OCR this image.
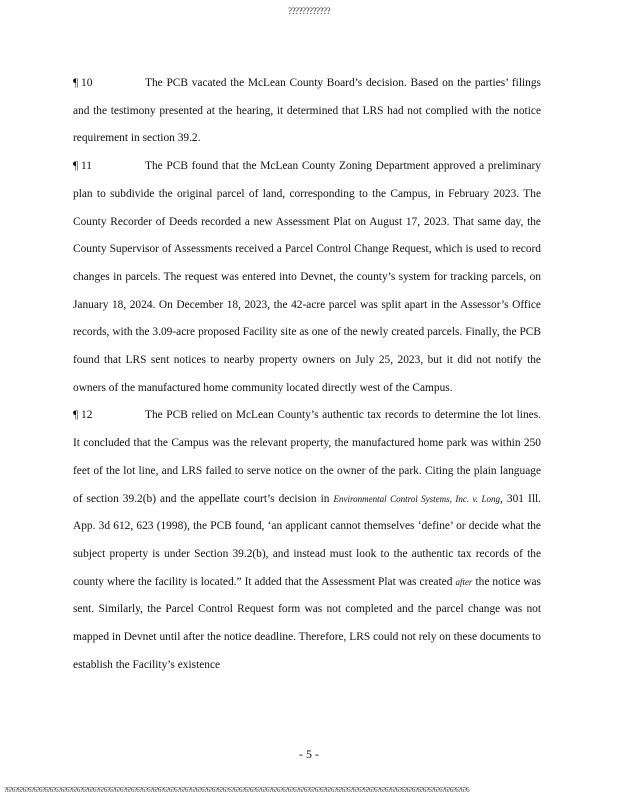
????????????

¶ 10	The PCB vacated the McLean County Board’s decision. Based on the parties’ filings and the testimony presented at the hearing, it determined that LRS had not complied with the notice requirement in section 39.2.

¶ 11	The PCB found that the McLean County Zoning Department approved a preliminary plan to subdivide the original parcel of land, corresponding to the Campus, in February 2023. The County Recorder of Deeds recorded a new Assessment Plat on August 17, 2023. That same day, the County Supervisor of Assessments received a Parcel Control Change Request, which is used to record changes in parcels. The request was entered into Devnet, the county’s system for tracking parcels, on January 18, 2024. On December 18, 2023, the 42-acre parcel was split apart in the Assessor’s Office records, with the 3.09-acre proposed Facility site as one of the newly created parcels. Finally, the PCB found that LRS sent notices to nearby property owners on July 25, 2023, but it did not notify the owners of the manufactured home community located directly west of the Campus.

¶ 12	The PCB relied on McLean County’s authentic tax records to determine the lot lines. It concluded that the Campus was the relevant property, the manufactured home park was within 250 feet of the lot line, and LRS failed to serve notice on the owner of the park. Citing the plain language of section 39.2(b) and the appellate court’s decision in Environmental Control Systems, Inc. v. Long, 301 Ill. App. 3d 612, 623 (1998), the PCB found, ‘an applicant cannot themselves ‘define’ or decide what the subject property is under Section 39.2(b), and instead must look to the authentic tax records of the county where the facility is located.” It added that the Assessment Plat was created after the notice was sent. Similarly, the Parcel Control Request form was not completed and the parcel change was not mapped in Devnet until after the notice deadline. Therefore, LRS could not rely on these documents to establish the Facility’s existence

- 5 -
?6?6?6?6?6?6?6?6?6?6?6?6?6?6?6?6?6?6?6?6?6?6?6?6?6?6?6?6?6?6?6?6?6?6?6?6?6?6?6?6?6?6?6?6?6?6?6?6?6?6?6?6?6?6?6?6?6?6?6?6?6?6?6?6?6?6?6?6?6?6?6?6?6?6?6?6?6?6?6?6?6?6?6?6?6?6
